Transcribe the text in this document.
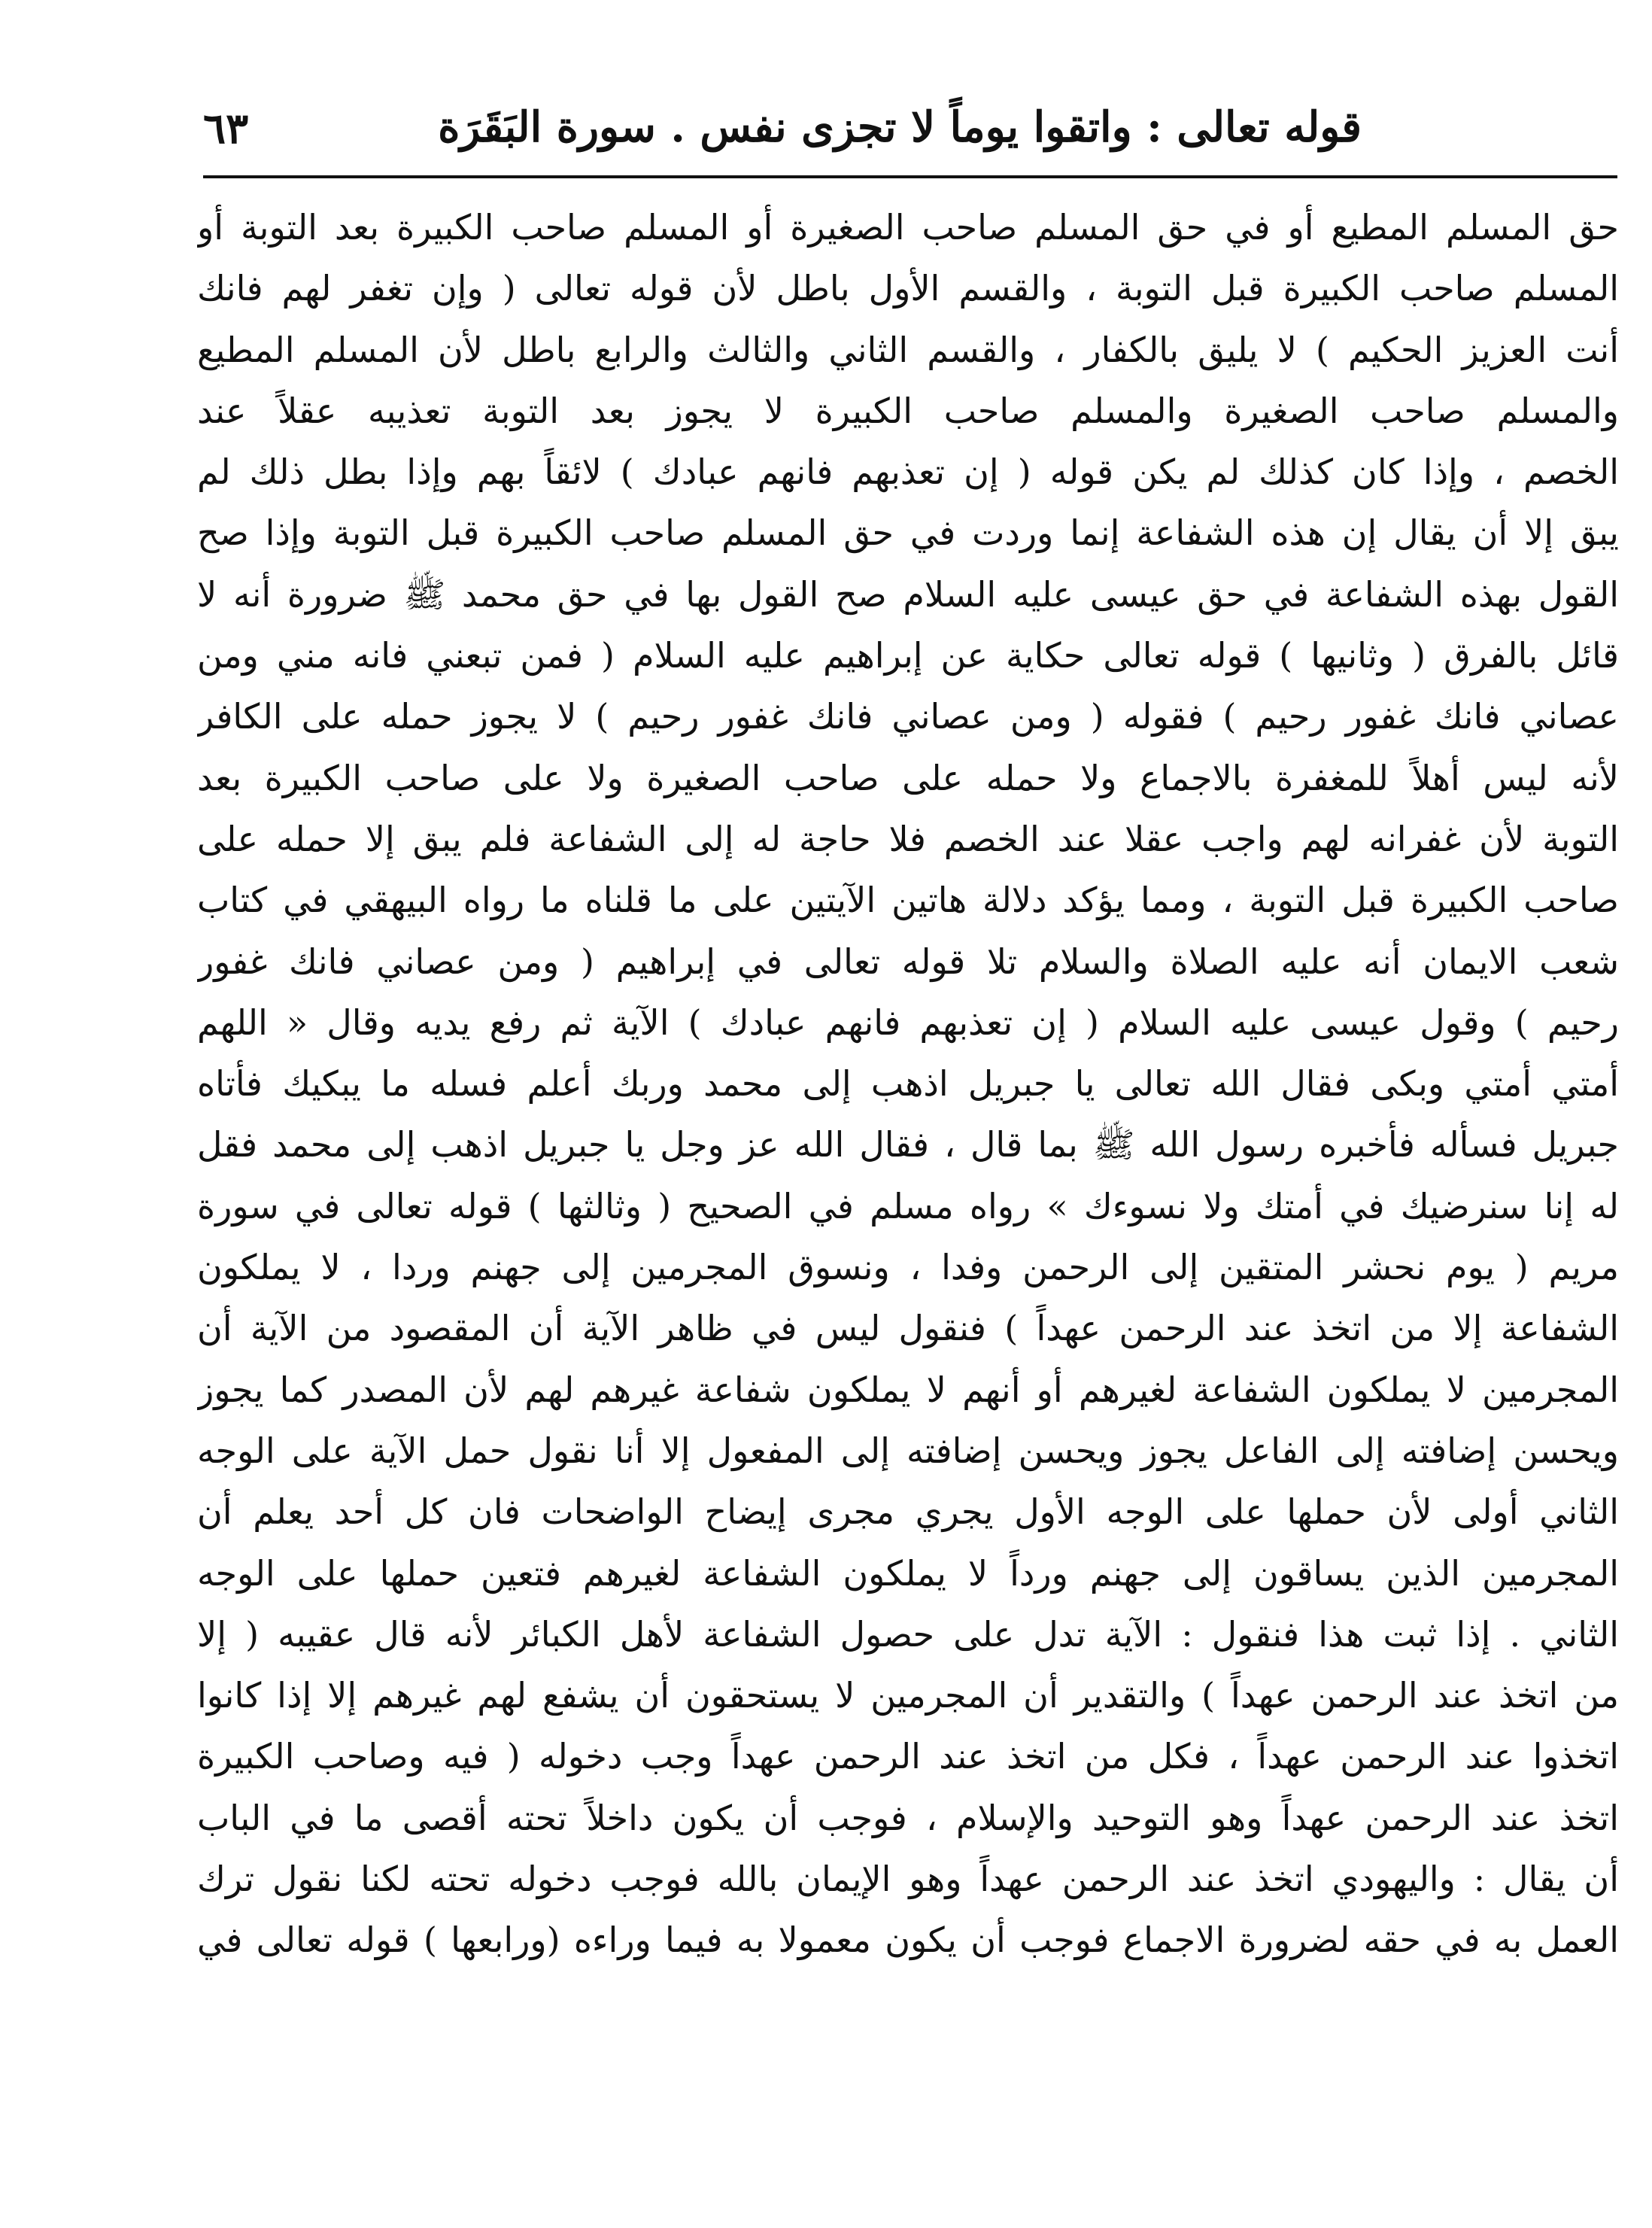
قوله تعالى : واتقوا يوماً لا تجزى نفس . سورة البَقَرَة
٦٣
حق المسلم المطيع أو في حق المسلم صاحب الصغيرة أو المسلم صاحب الكبيرة بعد التوبة أو
المسلم صاحب الكبيرة قبل التوبة ، والقسم الأول باطل لأن قوله تعالى ( وإن تغفر لهم فانك
أنت العزيز الحكيم ) لا يليق بالكفار ، والقسم الثاني والثالث والرابع باطل لأن المسلم المطيع
والمسلم صاحب الصغيرة والمسلم صاحب الكبيرة لا يجوز بعد التوبة تعذيبه عقلاً عند
الخصم ، وإذا كان كذلك لم يكن قوله ( إن تعذبهم فانهم عبادك ) لائقاً بهم وإذا بطل ذلك لم
يبق إلا أن يقال إن هذه الشفاعة إنما وردت في حق المسلم صاحب الكبيرة قبل التوبة وإذا صح
القول بهذه الشفاعة في حق عيسى عليه السلام صح القول بها في حق محمد ﷺ ضرورة أنه لا
قائل بالفرق ( وثانيها ) قوله تعالى حكاية عن إبراهيم عليه السلام ( فمن تبعني فانه مني ومن
عصاني فانك غفور رحيم ) فقوله ( ومن عصاني فانك غفور رحيم ) لا يجوز حمله على الكافر
لأنه ليس أهلاً للمغفرة بالاجماع ولا حمله على صاحب الصغيرة ولا على صاحب الكبيرة بعد
التوبة لأن غفرانه لهم واجب عقلا عند الخصم فلا حاجة له إلى الشفاعة فلم يبق إلا حمله على
صاحب الكبيرة قبل التوبة ، ومما يؤكد دلالة هاتين الآيتين على ما قلناه ما رواه البيهقي في كتاب
شعب الايمان أنه عليه الصلاة والسلام تلا قوله تعالى في إبراهيم ( ومن عصاني فانك غفور
رحيم ) وقول عيسى عليه السلام ( إن تعذبهم فانهم عبادك ) الآية ثم رفع يديه وقال « اللهم
أمتي أمتي وبكى فقال الله تعالى يا جبريل اذهب إلى محمد وربك أعلم فسله ما يبكيك فأتاه
جبريل فسأله فأخبره رسول الله ﷺ بما قال ، فقال الله عز وجل يا جبريل اذهب إلى محمد فقل
له إنا سنرضيك في أمتك ولا نسوءك » رواه مسلم في الصحيح ( وثالثها ) قوله تعالى في سورة
مريم ( يوم نحشر المتقين إلى الرحمن وفدا ، ونسوق المجرمين إلى جهنم وردا ، لا يملكون
الشفاعة إلا من اتخذ عند الرحمن عهداً ) فنقول ليس في ظاهر الآية أن المقصود من الآية أن
المجرمين لا يملكون الشفاعة لغيرهم أو أنهم لا يملكون شفاعة غيرهم لهم لأن المصدر كما يجوز
ويحسن إضافته إلى الفاعل يجوز ويحسن إضافته إلى المفعول إلا أنا نقول حمل الآية على الوجه
الثاني أولى لأن حملها على الوجه الأول يجري مجرى إيضاح الواضحات فان كل أحد يعلم أن
المجرمين الذين يساقون إلى جهنم ورداً لا يملكون الشفاعة لغيرهم فتعين حملها على الوجه
الثاني . إذا ثبت هذا فنقول : الآية تدل على حصول الشفاعة لأهل الكبائر لأنه قال عقيبه ( إلا
من اتخذ عند الرحمن عهداً ) والتقدير أن المجرمين لا يستحقون أن يشفع لهم غيرهم إلا إذا كانوا
اتخذوا عند الرحمن عهداً ، فكل من اتخذ عند الرحمن عهداً وجب دخوله ( فيه وصاحب الكبيرة
اتخذ عند الرحمن عهداً وهو التوحيد والإسلام ، فوجب أن يكون داخلاً تحته أقصى ما في الباب
أن يقال : واليهودي اتخذ عند الرحمن عهداً وهو الإيمان بالله فوجب دخوله تحته لكنا نقول ترك
العمل به في حقه لضرورة الاجماع فوجب أن يكون معمولا به فيما وراءه (ورابعها ) قوله تعالى في
